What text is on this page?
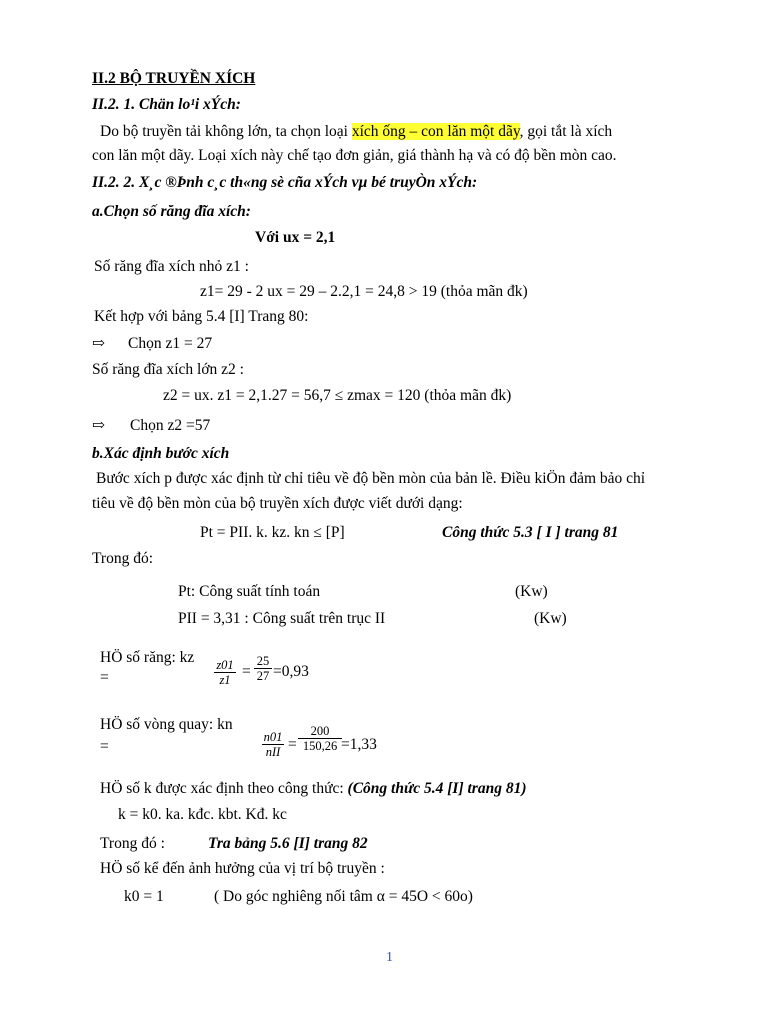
II.2 BỘ TRUYỀN XÍCH
II.2. 1. Chän lo¹i xÝch:
Do bộ truyền tải không lớn, ta chọn loại xích ống – con lăn một dãy, gọi tắt là xích
con lăn một dãy. Loại xích này chế tạo đơn giản, giá thành hạ và có độ bền mòn cao.
II.2. 2. X¸c ®Þnh c¸c th«ng sè cña xÝch vµ bé truyÒn xÝch:
a.Chọn số răng đĩa xích:
Với ux = 2,1
Số răng đĩa xích nhỏ z1 :
z1= 29 - 2 ux = 29 – 2.2,1 = 24,8 > 19 (thỏa mãn đk)
Kết hợp với bảng 5.4 [I] Trang 80:
⇨ Chọn z1 = 27
Số răng đĩa xích lớn z2 :
z2 = ux. z1 = 2,1.27 = 56,7 ≤ zmax = 120 (thỏa mãn đk)
⇨ Chọn z2 =57
b.Xác định bước xích
Bước xích p được xác định từ chỉ tiêu về độ bền mòn của bản lề. Điều kiÖn đảm bảo chỉ
tiêu về độ bền mòn của bộ truyền xích được viết dưới dạng:
Pt = PII. k. kz. kn ≤ [P]	Công thức 5.3 [ I ] trang 81
Trong đó:
Pt: Công suất tính toán	(Kw)
PII = 3,31 : Công suất trên trục II	(Kw)
HÖ số răng: kz
=	$\frac{z01}{z1} = \frac{25}{27} =0,93$
HÖ số vòng quay: kn
=
n01
nII = $\frac{200}{150,26} =1,33$
HÖ số k được xác định theo công thức: (Công thức 5.4 [I] trang 81)
k = k0. ka. kđc. kbt. Kđ. kc
Trong đó :	Tra bảng 5.6 [I] trang 82
HÖ số kể đến ảnh hưởng của vị trí bộ truyền :
k0 = 1	( Do góc nghiêng nối tâm α = 45O < 60o)
1
